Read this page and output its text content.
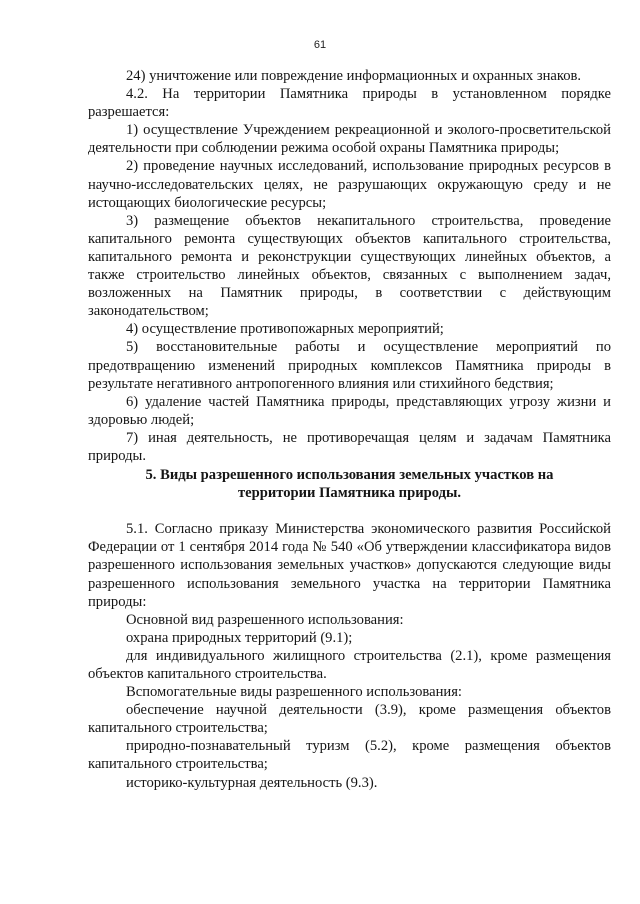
61

24) уничтожение или повреждение информационных и охранных знаков.

4.2. На территории Памятника природы в установленном порядке разрешается:

1) осуществление Учреждением рекреационной и эколого-просветительской деятельности при соблюдении режима особой охраны Памятника природы;

2) проведение научных исследований, использование природных ресурсов в научно-исследовательских целях, не разрушающих окружающую среду и не истощающих биологические ресурсы;

3) размещение объектов некапитального строительства, проведение капитального ремонта существующих объектов капитального строительства, капитального ремонта и реконструкции существующих линейных объектов, а также строительство линейных объектов, связанных с выполнением задач, возложенных на Памятник природы, в соответствии с действующим законодательством;

4) осуществление противопожарных мероприятий;

5) восстановительные работы и осуществление мероприятий по предотвращению изменений природных комплексов Памятника природы в результате негативного антропогенного влияния или стихийного бедствия;

6) удаление частей Памятника природы, представляющих угрозу жизни и здоровью людей;

7) иная деятельность, не противоречащая целям и задачам Памятника природы.

5. Виды разрешенного использования земельных участков на территории Памятника природы.

5.1. Согласно приказу Министерства экономического развития Российской Федерации от 1 сентября 2014 года № 540 «Об утверждении классификатора видов разрешенного использования земельных участков» допускаются следующие виды разрешенного использования земельного участка на территории Памятника природы:

Основной вид разрешенного использования:

охрана природных территорий (9.1);

для индивидуального жилищного строительства (2.1), кроме размещения объектов капитального строительства.

Вспомогательные виды разрешенного использования:

обеспечение научной деятельности (3.9), кроме размещения объектов капитального строительства;

природно-познавательный туризм (5.2), кроме размещения объектов капитального строительства;

историко-культурная деятельность (9.3).
